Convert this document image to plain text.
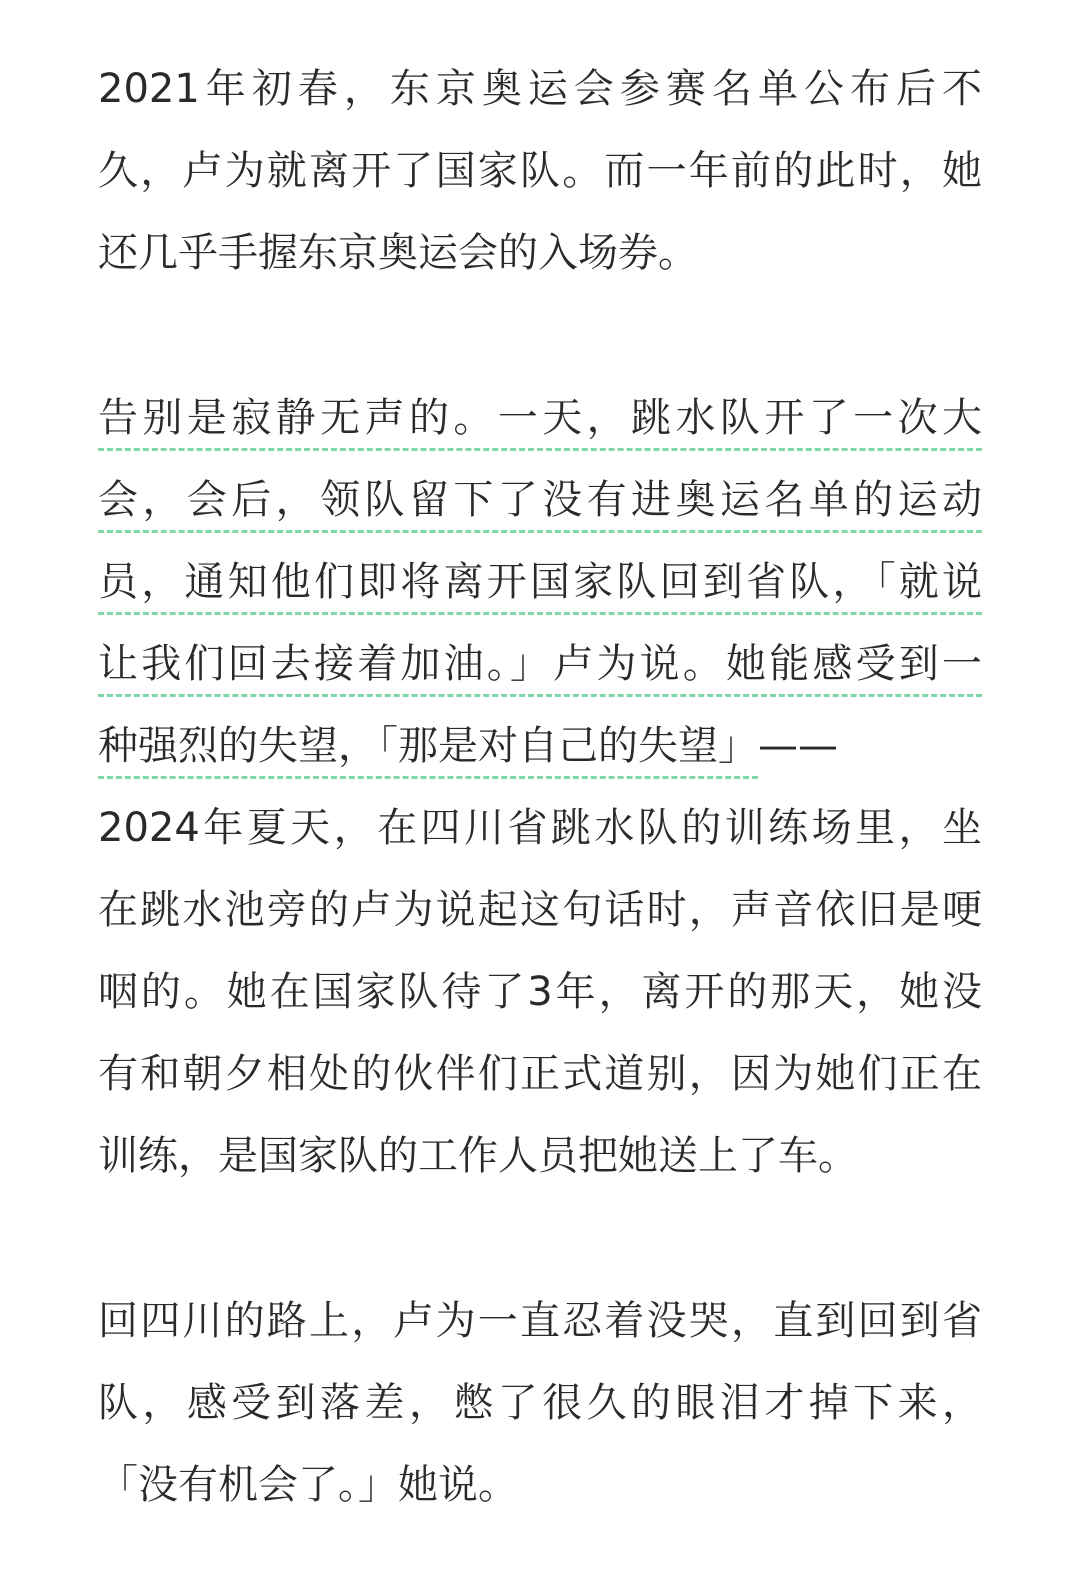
2021年初春，东京奥运会参赛名单公布后不
久，卢为就离开了国家队。而一年前的此时，她
还几乎手握东京奥运会的入场券。
告别是寂静无声的。一天，跳水队开了一次大
会，会后，领队留下了没有进奥运名单的运动
员，通知他们即将离开国家队回到省队，「就说
让我们回去接着加油。」卢为说。她能感受到一
种强烈的失望，「那是对自己的失望」——
2024年夏天，在四川省跳水队的训练场里，坐
在跳水池旁的卢为说起这句话时，声音依旧是哽
咽的。她在国家队待了3年，离开的那天，她没
有和朝夕相处的伙伴们正式道别，因为她们正在
训练，是国家队的工作人员把她送上了车。
回四川的路上，卢为一直忍着没哭，直到回到省
队，感受到落差，憋了很久的眼泪才掉下来，
「没有机会了。」她说。
